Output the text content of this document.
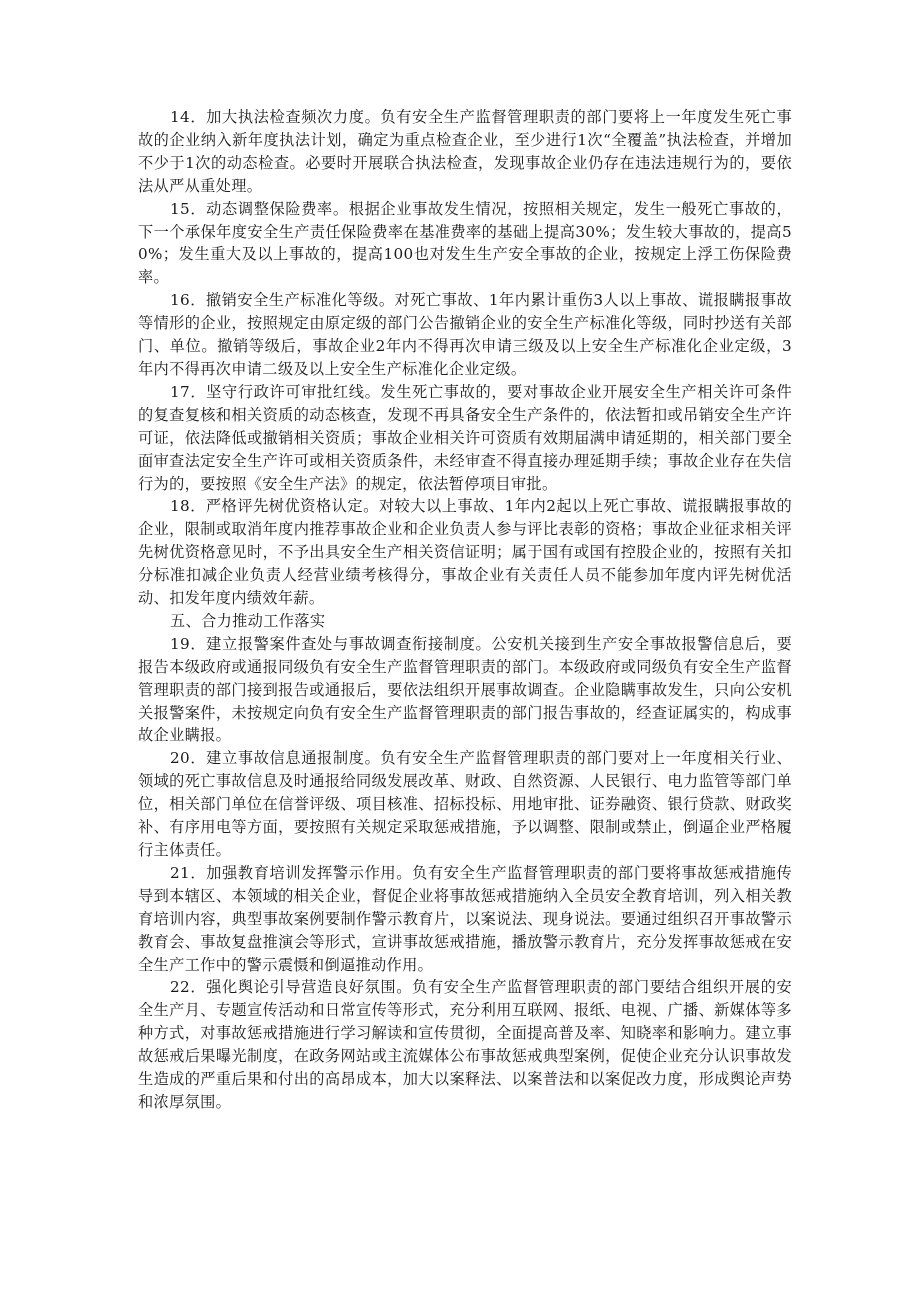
14．加大执法检查频次力度。负有安全生产监督管理职责的部门要将上一年度发生死亡事故的企业纳入新年度执法计划，确定为重点检查企业，至少进行1次“全覆盖”执法检查，并增加不少于1次的动态检查。必要时开展联合执法检查，发现事故企业仍存在违法违规行为的，要依法从严从重处理。

15．动态调整保险费率。根据企业事故发生情况，按照相关规定，发生一般死亡事故的，下一个承保年度安全生产责任保险费率在基准费率的基础上提高30%；发生较大事故的，提高50%；发生重大及以上事故的，提高100也对发生生产安全事故的企业，按规定上浮工伤保险费率。

16．撤销安全生产标准化等级。对死亡事故、1年内累计重伤3人以上事故、谎报瞒报事故等情形的企业，按照规定由原定级的部门公告撤销企业的安全生产标准化等级，同时抄送有关部门、单位。撤销等级后，事故企业2年内不得再次申请三级及以上安全生产标准化企业定级，3年内不得再次申请二级及以上安全生产标准化企业定级。

17．坚守行政许可审批红线。发生死亡事故的，要对事故企业开展安全生产相关许可条件的复查复核和相关资质的动态核查，发现不再具备安全生产条件的，依法暂扣或吊销安全生产许可证，依法降低或撤销相关资质；事故企业相关许可资质有效期届满申请延期的，相关部门要全面审查法定安全生产许可或相关资质条件，未经审查不得直接办理延期手续；事故企业存在失信行为的，要按照《安全生产法》的规定，依法暂停项目审批。

18．严格评先树优资格认定。对较大以上事故、1年内2起以上死亡事故、谎报瞒报事故的企业，限制或取消年度内推荐事故企业和企业负责人参与评比表彰的资格；事故企业征求相关评先树优资格意见时，不予出具安全生产相关资信证明；属于国有或国有控股企业的，按照有关扣分标准扣减企业负责人经营业绩考核得分，事故企业有关责任人员不能参加年度内评先树优活动、扣发年度内绩效年薪。

五、合力推动工作落实

19．建立报警案件查处与事故调查衔接制度。公安机关接到生产安全事故报警信息后，要报告本级政府或通报同级负有安全生产监督管理职责的部门。本级政府或同级负有安全生产监督管理职责的部门接到报告或通报后，要依法组织开展事故调查。企业隐瞒事故发生，只向公安机关报警案件，未按规定向负有安全生产监督管理职责的部门报告事故的，经查证属实的，构成事故企业瞒报。

20．建立事故信息通报制度。负有安全生产监督管理职责的部门要对上一年度相关行业、领域的死亡事故信息及时通报给同级发展改革、财政、自然资源、人民银行、电力监管等部门单位，相关部门单位在信誉评级、项目核准、招标投标、用地审批、证券融资、银行贷款、财政奖补、有序用电等方面，要按照有关规定采取惩戒措施，予以调整、限制或禁止，倒逼企业严格履行主体责任。

21．加强教育培训发挥警示作用。负有安全生产监督管理职责的部门要将事故惩戒措施传导到本辖区、本领域的相关企业，督促企业将事故惩戒措施纳入全员安全教育培训，列入相关教育培训内容，典型事故案例要制作警示教育片，以案说法、现身说法。要通过组织召开事故警示教育会、事故复盘推演会等形式，宣讲事故惩戒措施，播放警示教育片，充分发挥事故惩戒在安全生产工作中的警示震慑和倒逼推动作用。

22．强化舆论引导营造良好氛围。负有安全生产监督管理职责的部门要结合组织开展的安全生产月、专题宣传活动和日常宣传等形式，充分利用互联网、报纸、电视、广播、新媒体等多种方式，对事故惩戒措施进行学习解读和宣传贯彻，全面提高普及率、知晓率和影响力。建立事故惩戒后果曝光制度，在政务网站或主流媒体公布事故惩戒典型案例，促使企业充分认识事故发生造成的严重后果和付出的高昂成本，加大以案释法、以案普法和以案促改力度，形成舆论声势和浓厚氛围。
